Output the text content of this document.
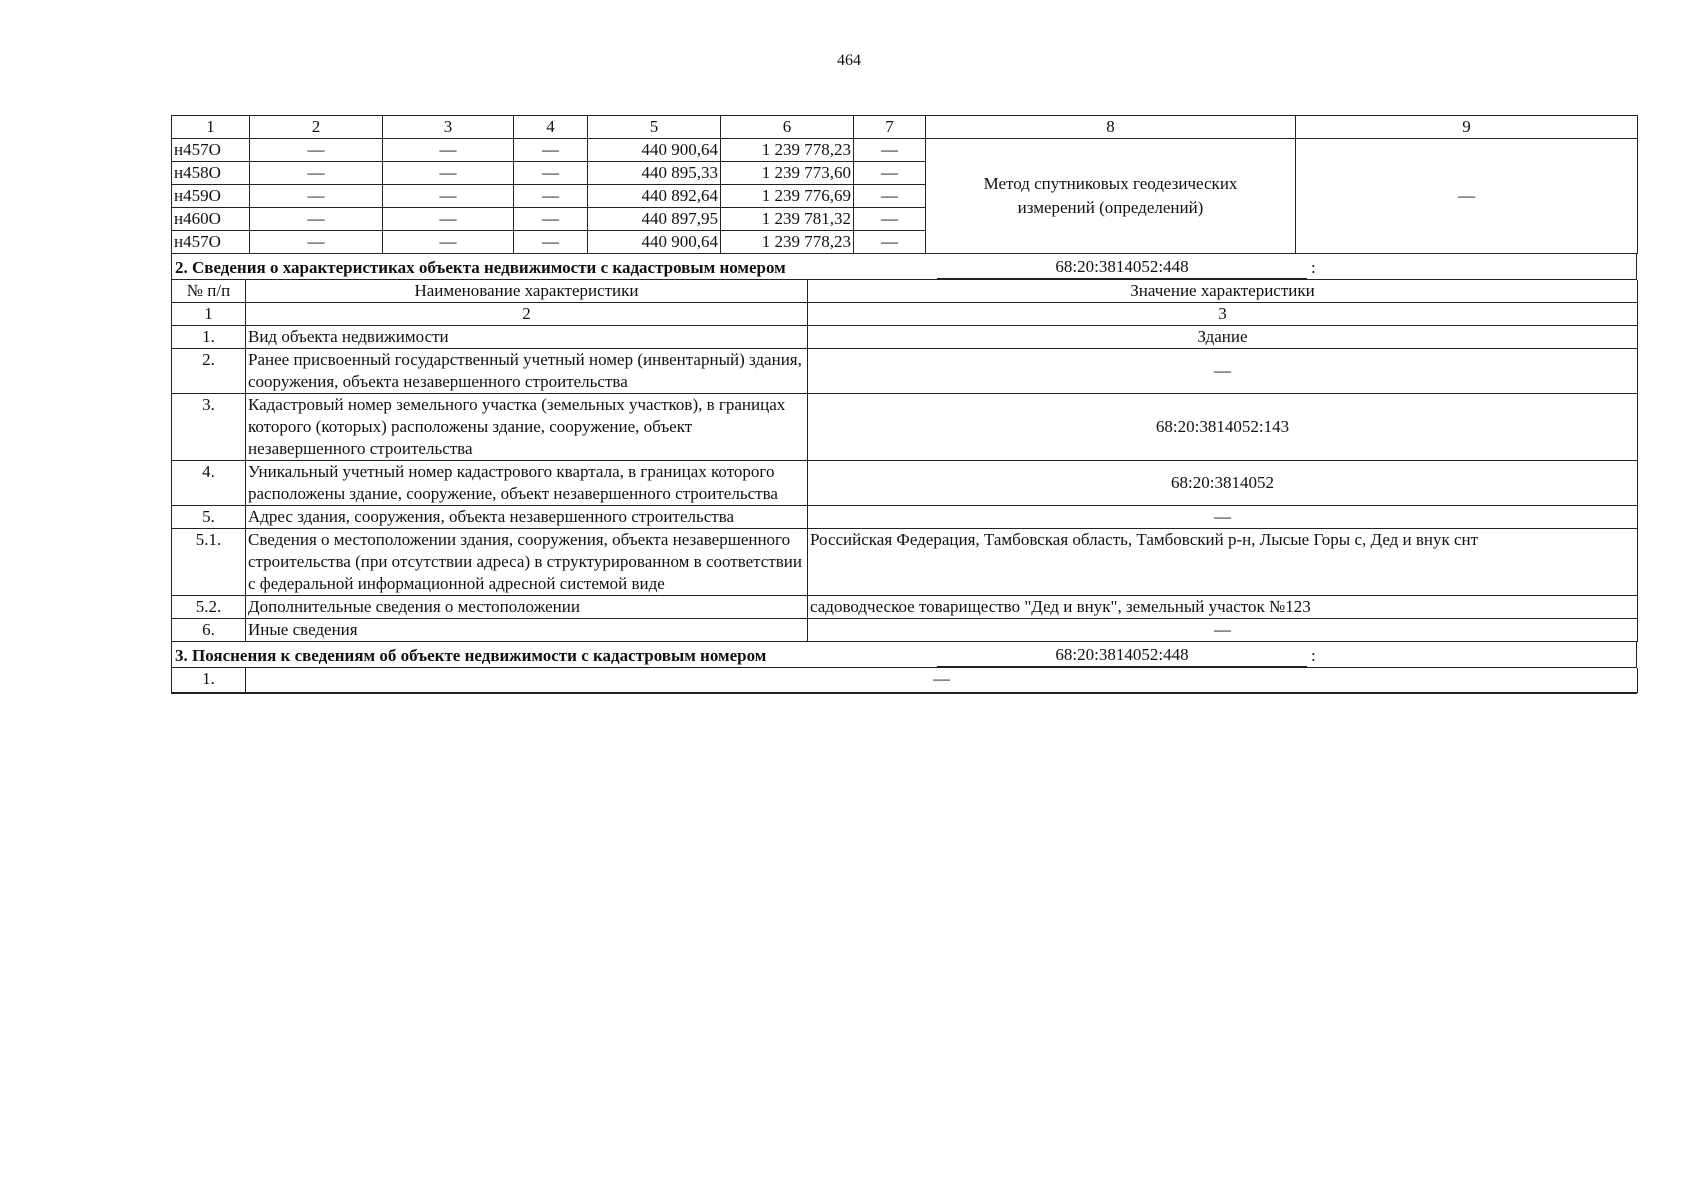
464
1	2	3	4	5	6	7	8	9
н457О	—	—	—	440 900,64	1 239 778,23	—	Метод спутниковых геодезических измерений (определений)	—
н458О	—	—	—	440 895,33	1 239 773,60	—		
н459О	—	—	—	440 892,64	1 239 776,69	—		
н460О	—	—	—	440 897,95	1 239 781,32	—		
н457О	—	—	—	440 900,64	1 239 778,23	—		
2. Сведения о характеристиках объекта недвижимости с кадастровым номером	68:20:3814052:448	:
№ п/п	Наименование характеристики	Значение характеристики
1	2	3
1.	Вид объекта недвижимости	Здание
2.	Ранее присвоенный государственный учетный номер (инвентарный) здания, сооружения, объекта незавершенного строительства	—
3.	Кадастровый номер земельного участка (земельных участков), в границах которого (которых) расположены здание, сооружение, объект незавершенного строительства	68:20:3814052:143
4.	Уникальный учетный номер кадастрового квартала, в границах которого расположены здание, сооружение, объект незавершенного строительства	68:20:3814052
5.	Адрес здания, сооружения, объекта незавершенного строительства	—
5.1.	Сведения о местоположении здания, сооружения, объекта незавершенного строительства (при отсутствии адреса) в структурированном в соответствии с федеральной информационной адресной системой виде	Российская Федерация, Тамбовская область, Тамбовский р-н, Лысые Горы с, Дед и внук снт
5.2.	Дополнительные сведения о местоположении	садоводческое товарищество "Дед и внук", земельный участок №123
6.	Иные сведения	—
3. Пояснения к сведениям об объекте недвижимости с кадастровым номером	68:20:3814052:448	:
1.	—
